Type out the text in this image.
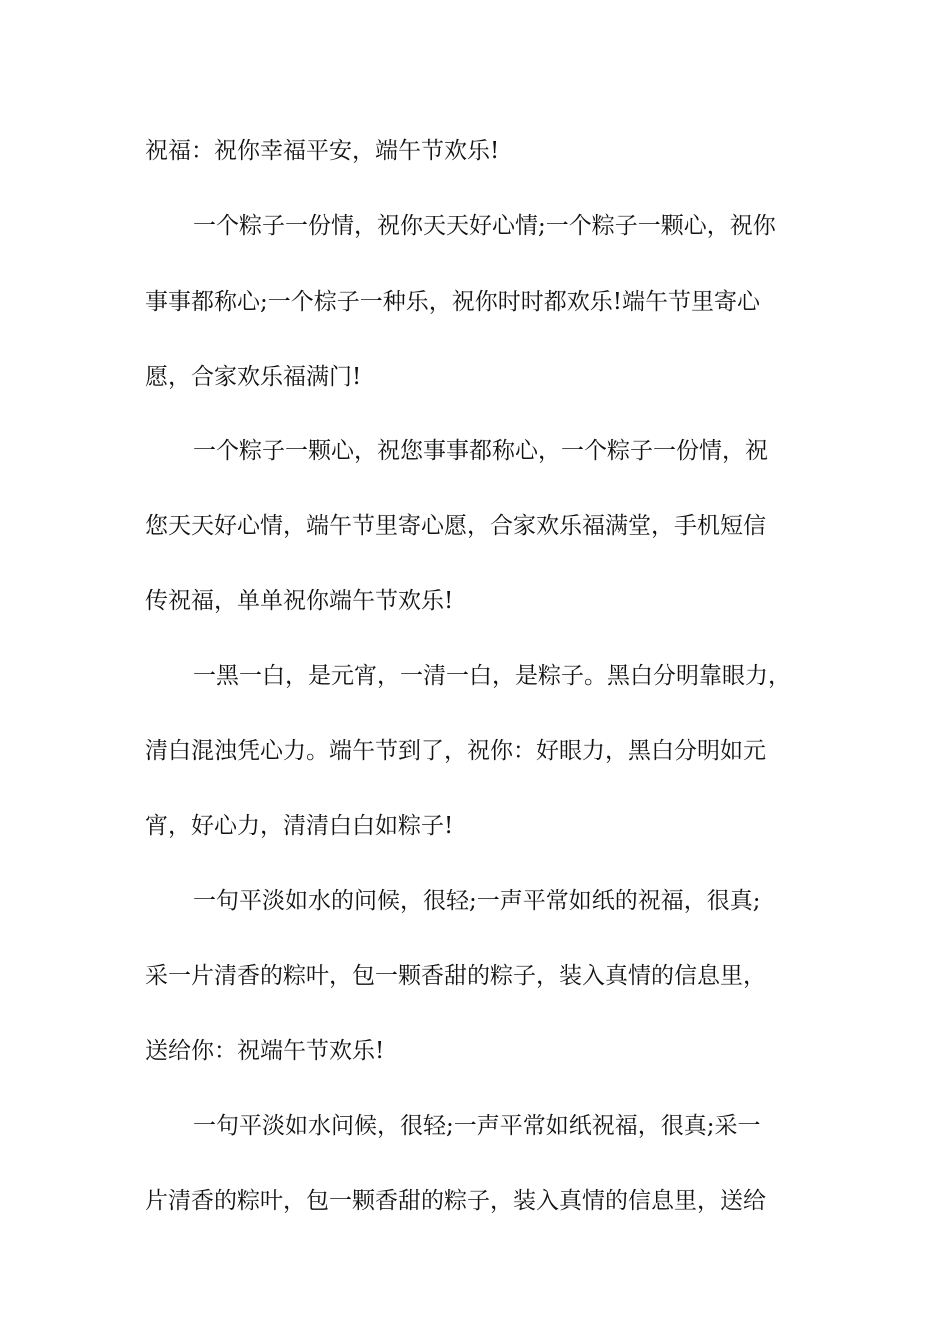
祝福：祝你幸福平安，端午节欢乐!
一个粽子一份情，祝你天天好心情;一个粽子一颗心，祝你
事事都称心;一个棕子一种乐，祝你时时都欢乐!端午节里寄心
愿，合家欢乐福满门!
一个粽子一颗心，祝您事事都称心，一个粽子一份情，祝
您天天好心情，端午节里寄心愿，合家欢乐福满堂，手机短信
传祝福，单单祝你端午节欢乐!
一黑一白，是元宵，一清一白，是粽子。黑白分明靠眼力，
清白混浊凭心力。端午节到了，祝你：好眼力，黑白分明如元
宵，好心力，清清白白如粽子!
一句平淡如水的问候，很轻;一声平常如纸的祝福，很真;
采一片清香的粽叶，包一颗香甜的粽子，装入真情的信息里，
送给你：祝端午节欢乐!
一句平淡如水问候，很轻;一声平常如纸祝福，很真;采一
片清香的粽叶，包一颗香甜的粽子，装入真情的信息里，送给
